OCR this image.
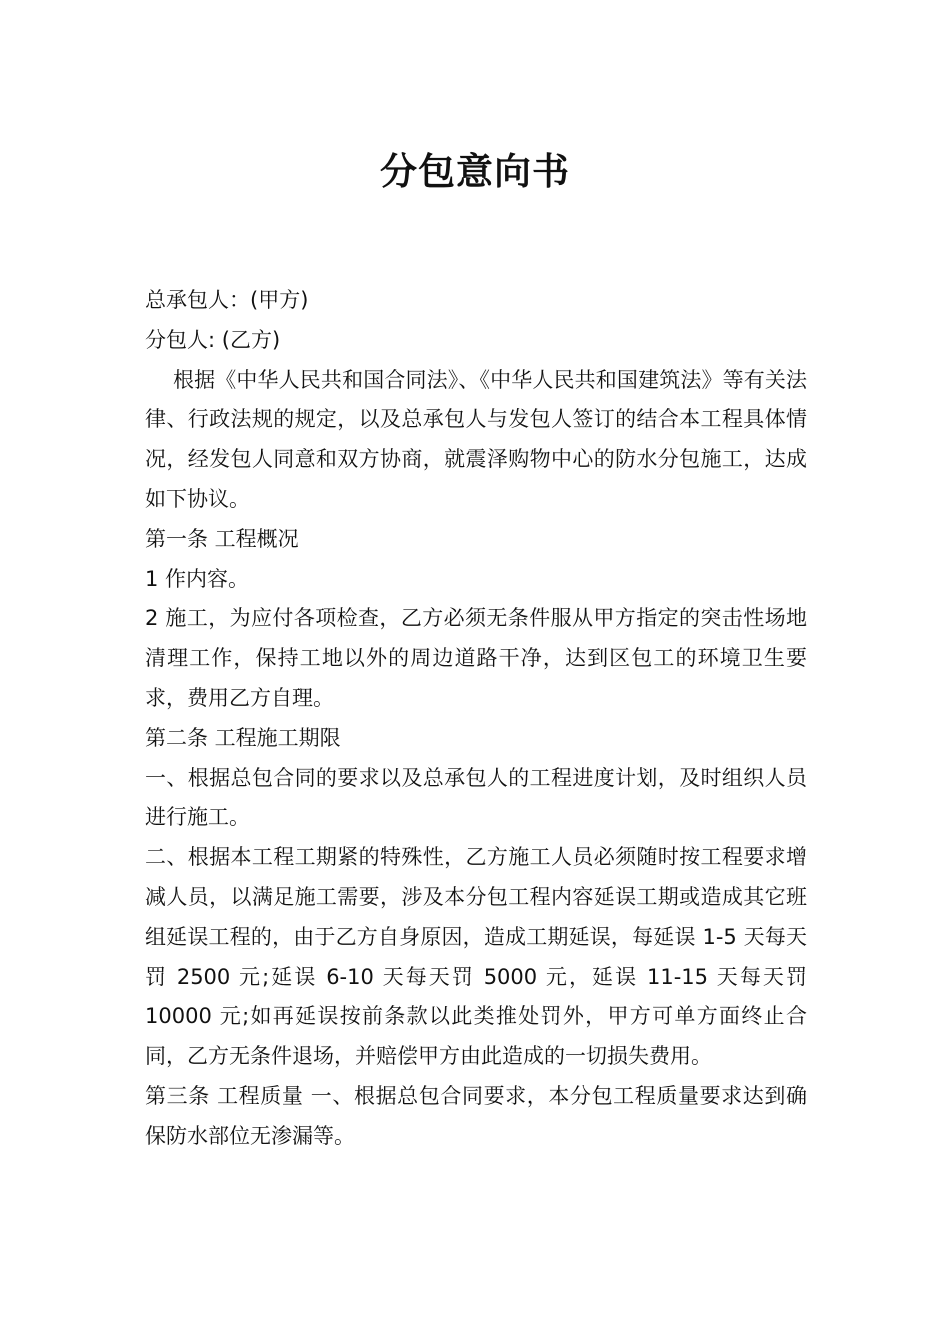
分包意向书

总承包人：(甲方)

分包人: (乙方)

根据《中华人民共和国合同法》、《中华人民共和国建筑法》等有关法律、行政法规的规定，以及总承包人与发包人签订的结合本工程具体情况，经发包人同意和双方协商，就震泽购物中心的防水分包施工，达成如下协议。

第一条 工程概况

1 作内容。

2 施工，为应付各项检查，乙方必须无条件服从甲方指定的突击性场地清理工作，保持工地以外的周边道路干净，达到区包工的环境卫生要求，费用乙方自理。

第二条 工程施工期限

一、根据总包合同的要求以及总承包人的工程进度计划，及时组织人员进行施工。

二、根据本工程工期紧的特殊性，乙方施工人员必须随时按工程要求增减人员，以满足施工需要，涉及本分包工程内容延误工期或造成其它班组延误工程的，由于乙方自身原因，造成工期延误，每延误 1-5 天每天罚 2500 元;延误 6-10 天每天罚 5000 元，延误 11-15 天每天罚 10000 元;如再延误按前条款以此类推处罚外，甲方可单方面终止合同，乙方无条件退场，并赔偿甲方由此造成的一切损失费用。

第三条 工程质量 一、根据总包合同要求，本分包工程质量要求达到确保防水部位无渗漏等。
